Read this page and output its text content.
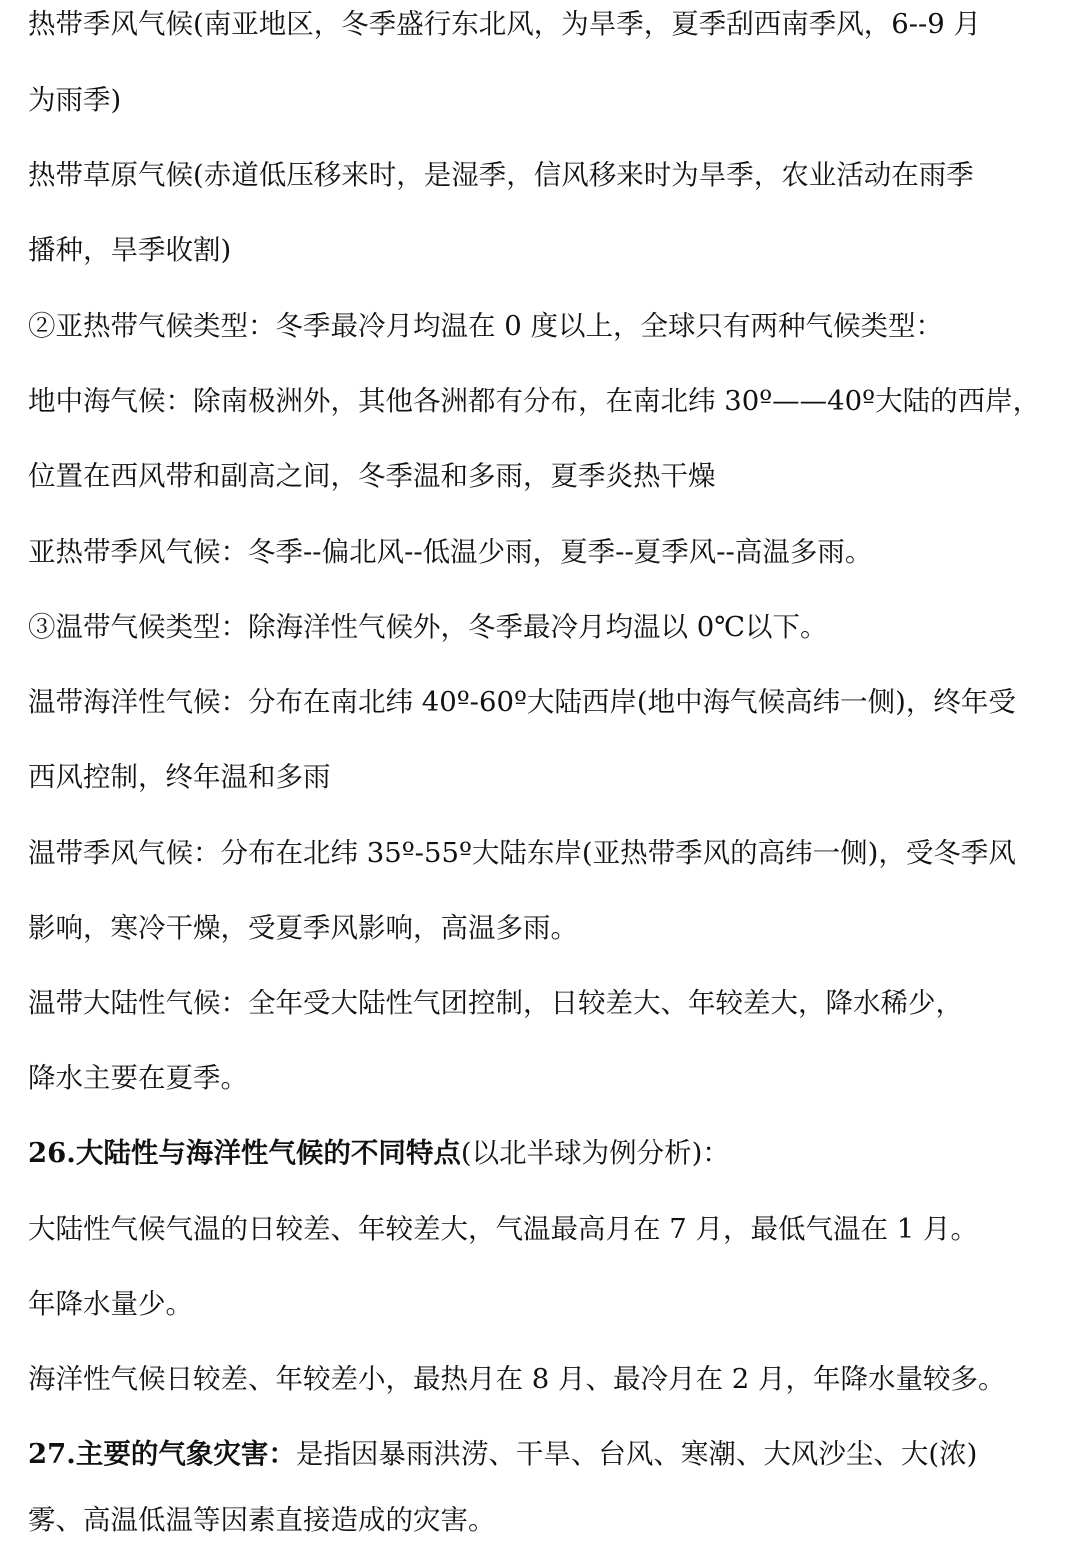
热带季风气候(南亚地区，冬季盛行东北风，为旱季，夏季刮西南季风，6--9 月
为雨季)
热带草原气候(赤道低压移来时，是湿季，信风移来时为旱季，农业活动在雨季
播种，旱季收割)
②亚热带气候类型：冬季最冷月均温在 0 度以上，全球只有两种气候类型：
地中海气候：除南极洲外，其他各洲都有分布，在南北纬 30º——40º大陆的西岸，
位置在西风带和副高之间，冬季温和多雨，夏季炎热干燥
亚热带季风气候：冬季--偏北风--低温少雨，夏季--夏季风--高温多雨。
③温带气候类型：除海洋性气候外，冬季最冷月均温以 0℃以下。
温带海洋性气候：分布在南北纬 40º-60º大陆西岸(地中海气候高纬一侧)，终年受
西风控制，终年温和多雨
温带季风气候：分布在北纬 35º-55º大陆东岸(亚热带季风的高纬一侧)，受冬季风
影响，寒冷干燥，受夏季风影响，高温多雨。
温带大陆性气候：全年受大陆性气团控制，日较差大、年较差大，降水稀少，
降水主要在夏季。
26.大陆性与海洋性气候的不同特点(以北半球为例分析)：
大陆性气候气温的日较差、年较差大，气温最高月在 7 月，最低气温在 1 月。
年降水量少。
海洋性气候日较差、年较差小，最热月在 8 月、最冷月在 2 月，年降水量较多。
27.主要的气象灾害：是指因暴雨洪涝、干旱、台风、寒潮、大风沙尘、大(浓)
雾、高温低温等因素直接造成的灾害。
